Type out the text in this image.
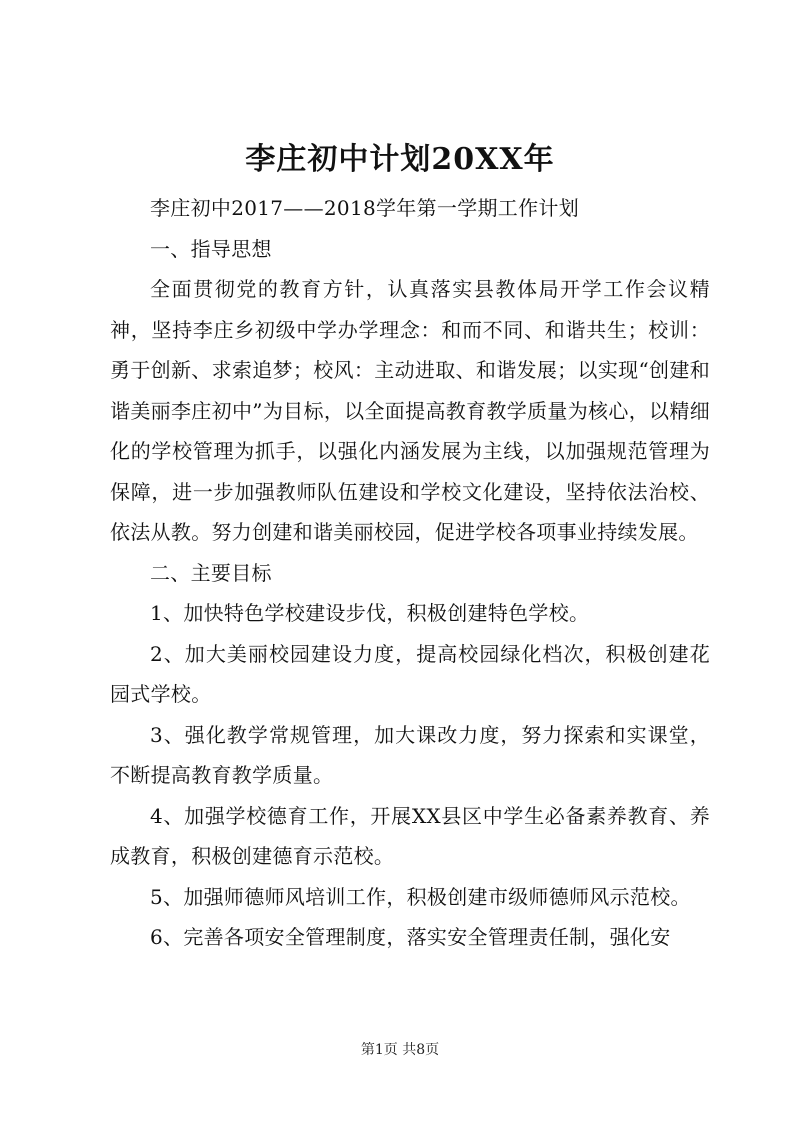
李庄初中计划20XX年

李庄初中2017——2018学年第一学期工作计划

一、指导思想

全面贯彻党的教育方针，认真落实县教体局开学工作会议精神，坚持李庄乡初级中学办学理念：和而不同、和谐共生；校训：勇于创新、求索追梦；校风：主动进取、和谐发展；以实现“创建和谐美丽李庄初中”为目标，以全面提高教育教学质量为核心，以精细化的学校管理为抓手，以强化内涵发展为主线，以加强规范管理为保障，进一步加强教师队伍建设和学校文化建设，坚持依法治校、依法从教。努力创建和谐美丽校园，促进学校各项事业持续发展。

二、主要目标

1、加快特色学校建设步伐，积极创建特色学校。

2、加大美丽校园建设力度，提高校园绿化档次，积极创建花园式学校。

3、强化教学常规管理，加大课改力度，努力探索和实课堂，不断提高教育教学质量。

4、加强学校德育工作，开展XX县区中学生必备素养教育、养成教育，积极创建德育示范校。

5、加强师德师风培训工作，积极创建市级师德师风示范校。

6、完善各项安全管理制度，落实安全管理责任制，强化安

第1页 共8页
